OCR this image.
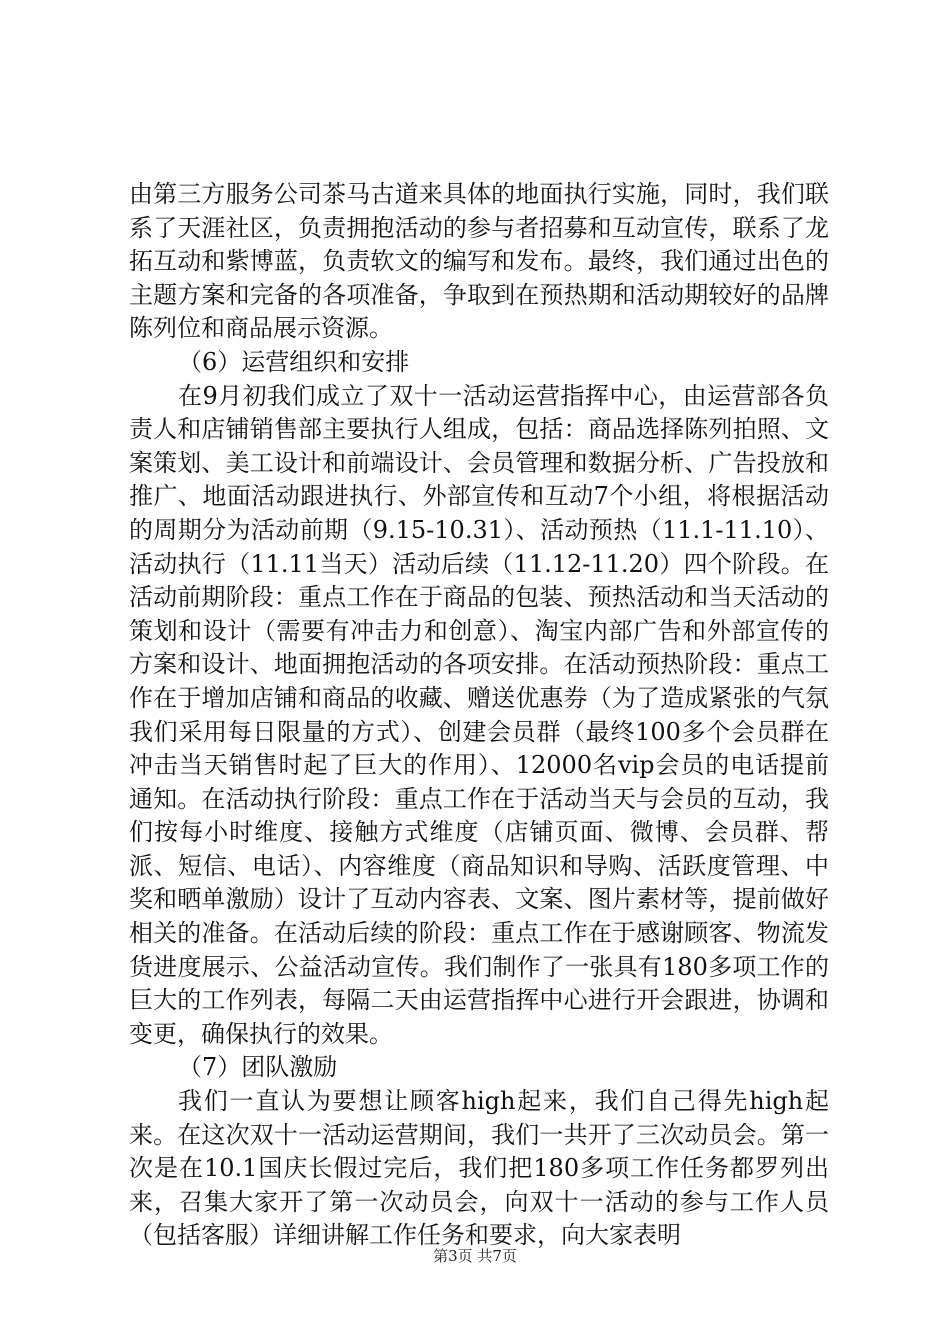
由第三方服务公司茶马古道来具体的地面执行实施，同时，我们联系了天涯社区，负责拥抱活动的参与者招募和互动宣传，联系了龙拓互动和紫博蓝，负责软文的编写和发布。最终，我们通过出色的主题方案和完备的各项准备，争取到在预热期和活动期较好的品牌陈列位和商品展示资源。

（6）运营组织和安排

在9月初我们成立了双十一活动运营指挥中心，由运营部各负责人和店铺销售部主要执行人组成，包括：商品选择陈列拍照、文案策划、美工设计和前端设计、会员管理和数据分析、广告投放和推广、地面活动跟进执行、外部宣传和互动7个小组，将根据活动的周期分为活动前期（9.15-10.31）、活动预热（11.1-11.10）、活动执行（11.11当天）活动后续（11.12-11.20）四个阶段。在活动前期阶段：重点工作在于商品的包装、预热活动和当天活动的策划和设计（需要有冲击力和创意）、淘宝内部广告和外部宣传的方案和设计、地面拥抱活动的各项安排。在活动预热阶段：重点工作在于增加店铺和商品的收藏、赠送优惠券（为了造成紧张的气氛我们采用每日限量的方式）、创建会员群（最终100多个会员群在冲击当天销售时起了巨大的作用）、12000名vip会员的电话提前通知。在活动执行阶段：重点工作在于活动当天与会员的互动，我们按每小时维度、接触方式维度（店铺页面、微博、会员群、帮派、短信、电话）、内容维度（商品知识和导购、活跃度管理、中奖和晒单激励）设计了互动内容表、文案、图片素材等，提前做好相关的准备。在活动后续的阶段：重点工作在于感谢顾客、物流发货进度展示、公益活动宣传。我们制作了一张具有180多项工作的巨大的工作列表，每隔二天由运营指挥中心进行开会跟进，协调和变更，确保执行的效果。

（7）团队激励

我们一直认为要想让顾客high起来，我们自己得先high起来。在这次双十一活动运营期间，我们一共开了三次动员会。第一次是在10.1国庆长假过完后，我们把180多项工作任务都罗列出来，召集大家开了第一次动员会，向双十一活动的参与工作人员（包括客服）详细讲解工作任务和要求，向大家表明

第3页 共7页
